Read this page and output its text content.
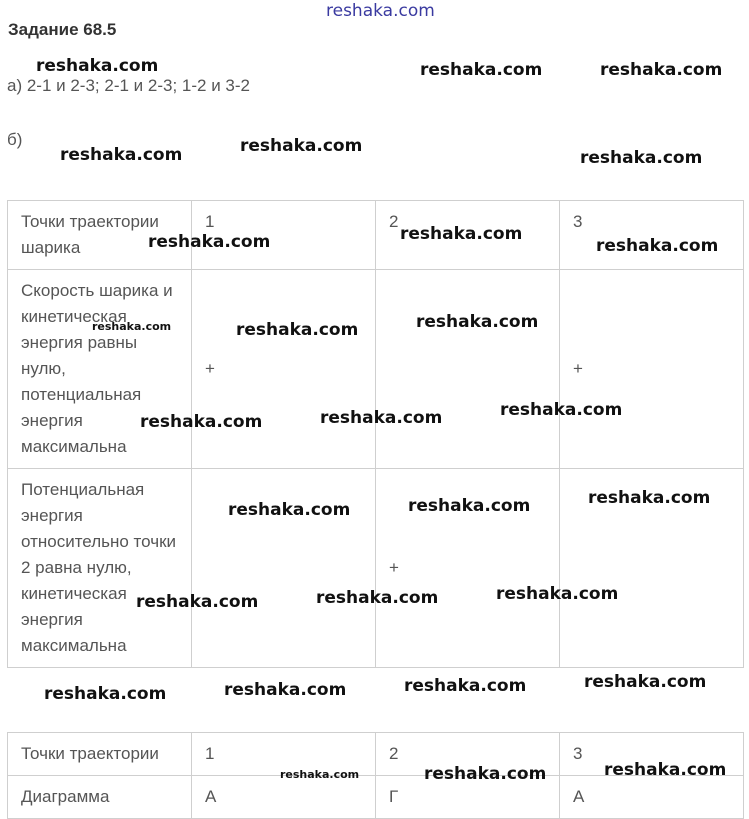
reshaka.com
Задание 68.5
а) 2-1 и 2-3; 2-1 и 2-3; 1-2 и 3-2
б)
Точки траектории шарика	1	2	3
Скорость шарика и кинетическая энергия равны нулю, потенциальная энергия максимальна	+		+
Потенциальная энергия относительно точки 2 равна нулю, кинетическая энергия максимальна		+	
Точки траектории	1	2	3
Диаграмма	А	Г	А
reshaka.com	reshaka.com	reshaka.com
reshaka.com	reshaka.com
reshaka.com
reshaka.com	reshaka.com
reshaka.com
reshaka.com	reshaka.com	reshaka.com
reshaka.com	reshaka.com	reshaka.com
reshaka.com	reshaka.com
reshaka.com
reshaka.com	reshaka.com	reshaka.com
reshaka.com	reshaka.com	reshaka.com	reshaka.com
reshaka.com	reshaka.com	reshaka.com
